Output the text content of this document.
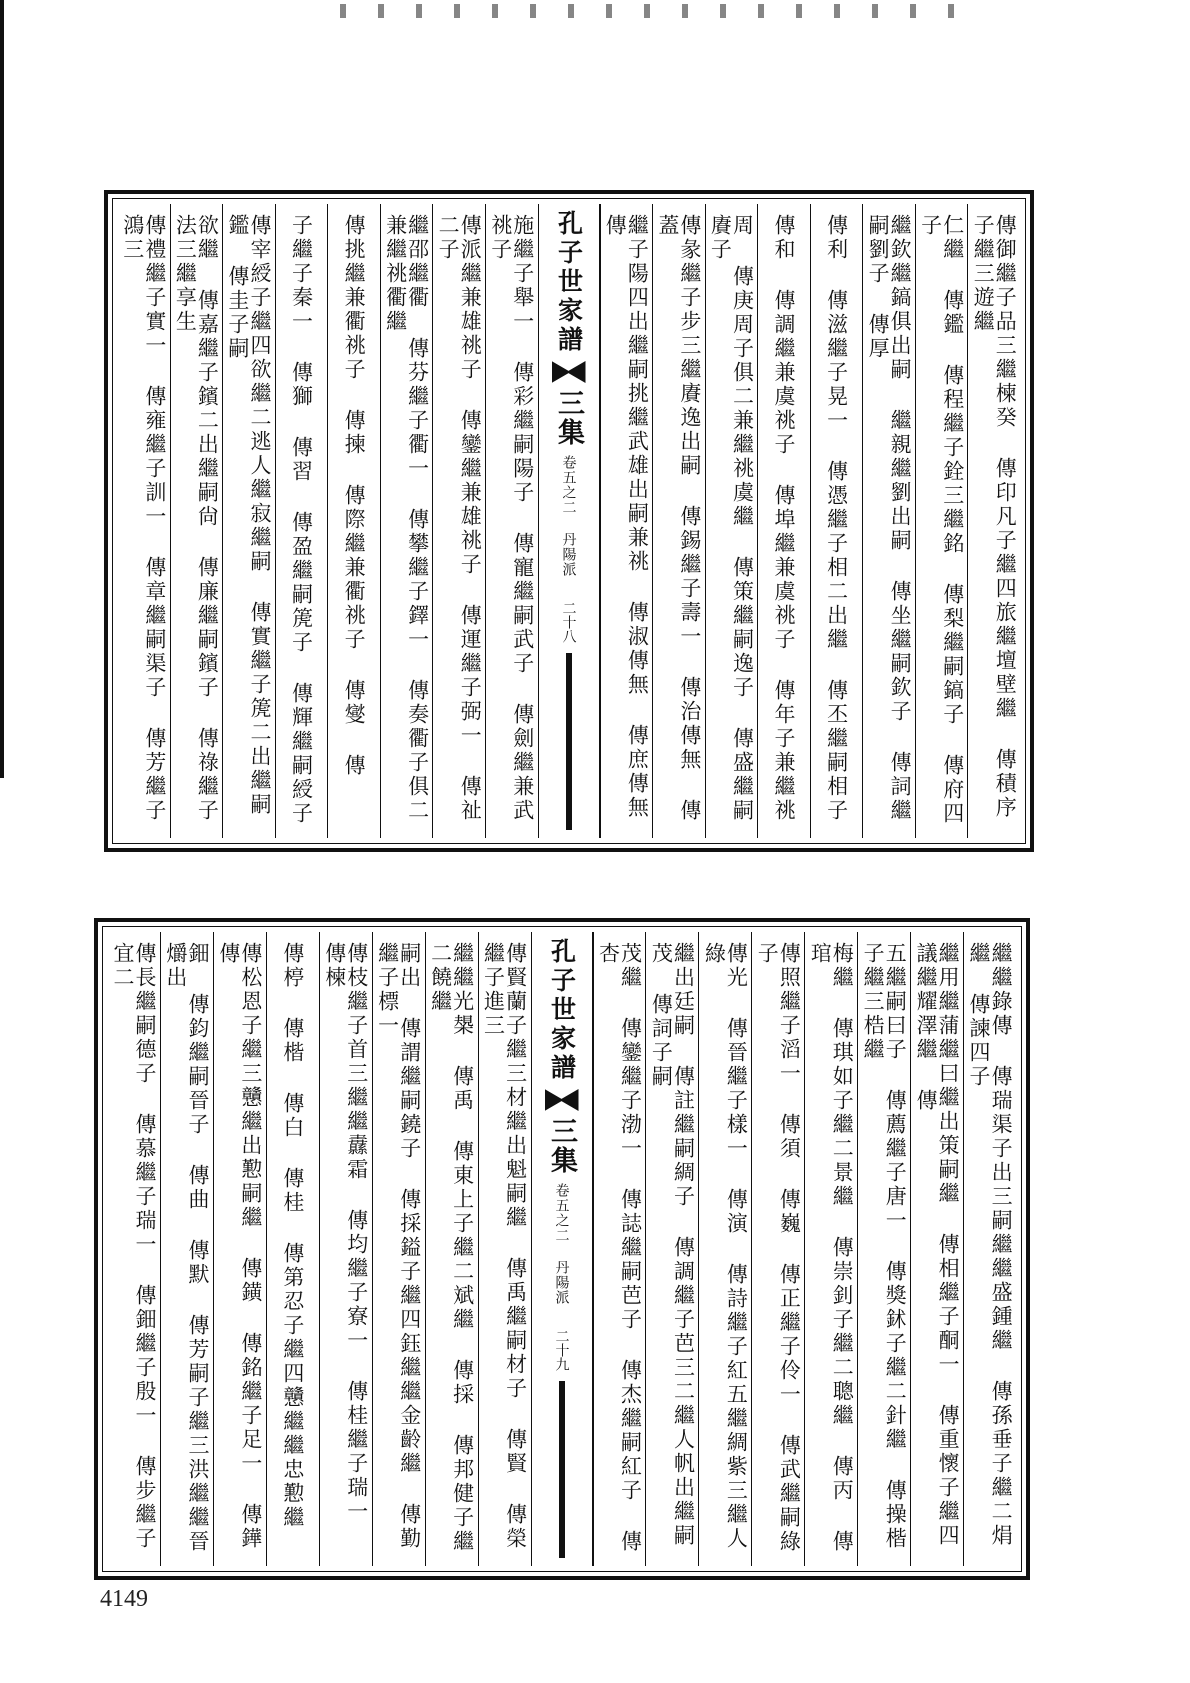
傳御繼子品三繼楝癸 傳印凡子繼四旅繼壇壁繼 傳積序子繼三遊繼
仁繼 傳鑑 傳程繼子銓三繼銘 傳梨繼嗣鎬子 傳府四子
繼欽繼鎬俱出嗣 繼親繼劉出嗣 傳坐繼嗣欽子 傳詞繼嗣劉子 傳厚
傳利 傳滋繼子晃一 傳憑繼子相二出繼 傳丕繼嗣相子
傳和 傳調繼兼虞祧子 傳埠繼兼虞祧子 傳年子兼繼祧
周 傳庚周子俱二兼繼祧虞繼 傳策繼嗣逸子 傳盛繼嗣賡子
傳彖繼子步三繼賡逸出嗣 傳錫繼子壽一 傳治傳無 傳蓋
繼子陽四出繼嗣挑繼武雄出嗣兼祧 傳淑傳無 傳庶傳無 傳
孔子世家譜
三集
卷五之二 丹陽派
二十八
施繼子舉一 傳彩繼嗣陽子 傳寵繼嗣武子 傳劍繼兼武祧子
傳派繼兼雄祧子 傳鑾繼兼雄祧子 傳運繼子弼一 傳祉二子
繼邵繼衢 傳芬繼子衢一 傳攀繼子鐸一 傳奏衢子俱二兼繼祧衢繼
傳挑繼兼衢祧子 傳揀 傳際繼兼衢祧子 傳燮 傳
子繼子秦一 傳獅 傳習 傳盈繼嗣箎子 傳輝繼嗣綬子
傳宰綬子繼四欲繼二逃人繼寂繼嗣 傳實繼子箎二出繼嗣鑑 傳圭子嗣
欲繼 傳嘉繼子鑌二出繼嗣尙 傳廉繼嗣鑌子 傳祿繼子法三繼享生
傳禮繼子實一 傳雍繼子訓一 傳章繼嗣渠子 傳芳繼子鴻三
繼繼錄傳 傳瑞渠子出三嗣繼繼盛鍾繼 傳孫垂子繼二焆繼 傳諫四子
繼用繼蒲繼曰繼出策嗣繼 傳相繼子酮一 傳重懷子繼四議繼耀澤繼 傳
五繼嗣曰子 傳薦繼子唐一 傳獎鉥子繼二針繼 傳操楷子繼三梏繼
梅繼 傳琪如子繼二景繼 傳崇釗子繼二聰繼 傳丙 傳琯
傳照繼子滔一 傳須 傳巍 傳正繼子伶一 傳武繼嗣綠子
傳光 傳晉繼子樣一 傳演 傳詩繼子紅五繼綢紫三繼人綠
繼出廷嗣 傳註繼嗣綢子 傳調繼子芭三二繼人帆出繼嗣茂 傳詞子嗣
茂繼 傳鑾繼子渤一 傳誌繼嗣芭子 傳杰繼嗣紅子 傳杏
孔子世家譜
三集
卷五之二 丹陽派
二十九
傳賢蘭子繼三材繼出魁嗣繼 傳禹繼嗣材子 傳賢 傳榮繼子進三
繼繼光槼 傳禹 傳東上子繼二斌繼 傳採 傳邦健子繼二饒繼
嗣出 傳謂繼嗣鐃子 傳採鎰子繼四鈺繼繼金齡繼 傳勤繼子標一
傳枝繼子首三繼繼纛霜 傳均繼子寮一 傳桂繼子瑞一 傳楝
傳楟 傳楷 傳白 傳桂 傳第忍子繼四戇繼繼忠懃繼
傳松恩子繼三戇繼出懃嗣繼 傳鐄 傳銘繼子足一 傳鏵 傳
鈿 傳鈞繼嗣晉子 傳曲 傳默 傳芳嗣子繼三洪繼繼晉爝出
傳長繼嗣德子 傳慕繼子瑞一 傳鈿繼子殷一 傳步繼子宜二
4149
